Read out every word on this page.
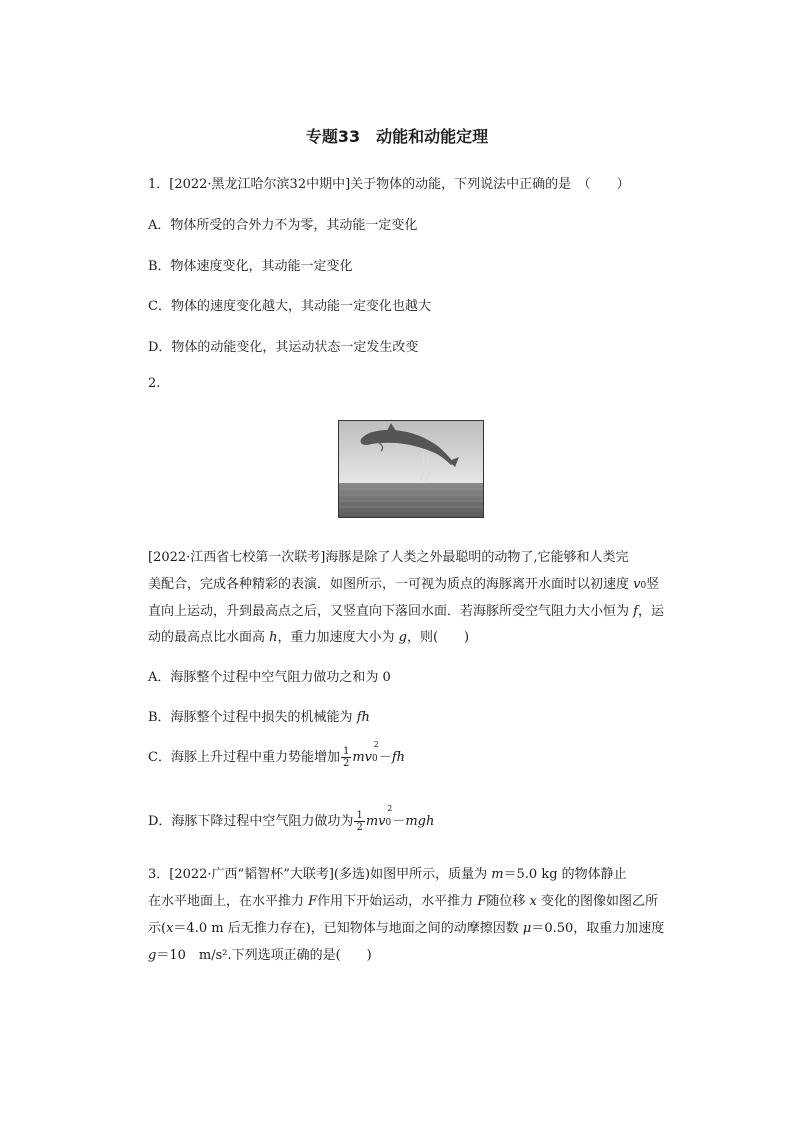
专题33　动能和动能定理
1．[2022·黑龙江哈尔滨32中期中]关于物体的动能，下列说法中正确的是　（　　）
A．物体所受的合外力不为零，其动能一定变化
B．物体速度变化，其动能一定变化
C．物体的速度变化越大，其动能一定变化也越大
D．物体的动能变化，其运动状态一定发生改变
2.
[2022·江西省七校第一次联考]海豚是除了人类之外最聪明的动物了,它能够和人类完
美配合，完成各种精彩的表演．如图所示，一可视为质点的海豚离开水面时以初速度 v0竖
直向上运动，升到最高点之后，又竖直向下落回水面．若海豚所受空气阻力大小恒为 f，运
动的最高点比水面高 h，重力加速度大小为 g，则(　　)
A．海豚整个过程中空气阻力做功之和为 0
B．海豚整个过程中损失的机械能为 fh
C．海豚上升过程中重力势能增加 $\frac{1}{2} mv0^2-fh$
D．海豚下降过程中空气阻力做功为 $\frac{1}{2} mv0^2-mgh$
3．[2022·广西“韬智杯”大联考](多选)如图甲所示，质量为 m＝5.0 kg 的物体静止
在水平地面上，在水平推力 F作用下开始运动，水平推力 F随位移 x 变化的图像如图乙所
示(x＝4.0 m 后无推力存在)，已知物体与地面之间的动摩擦因数 μ＝0.50，取重力加速度
g＝10　m/s².下列选项正确的是(　　)
